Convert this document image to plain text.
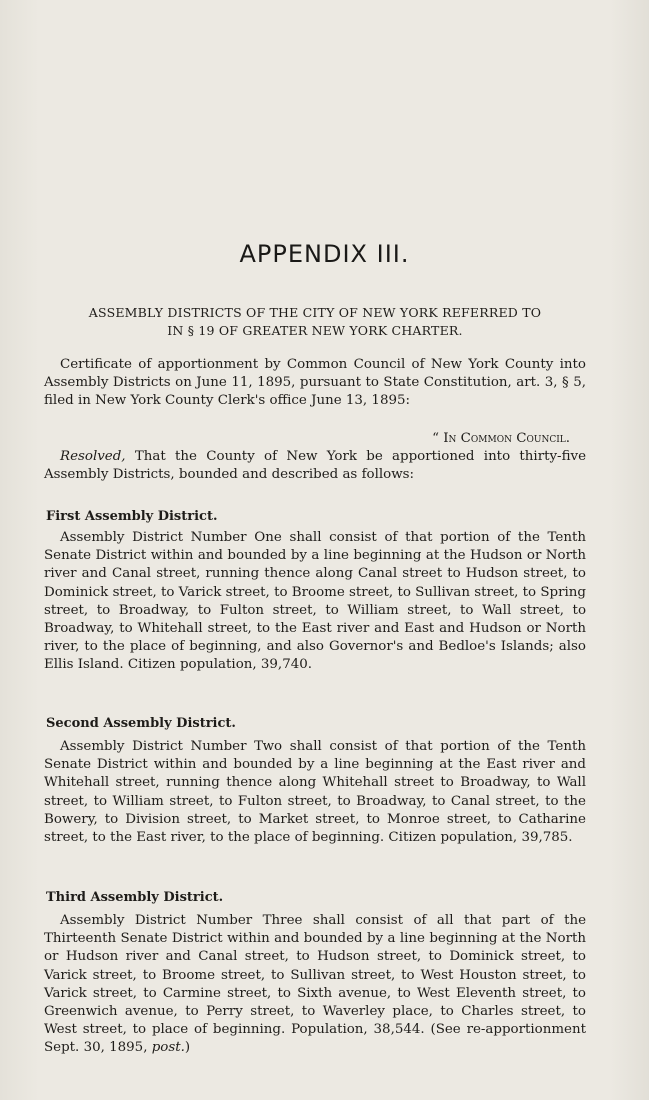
APPENDIX III.
ASSEMBLY DISTRICTS OF THE CITY OF NEW YORK REFERRED TO
IN § 19 OF GREATER NEW YORK CHARTER.
Certificate of apportionment by Common Council of New York County into Assembly Districts on June 11, 1895, pursuant to State Constitution, art. 3, § 5, filed in New York County Clerk's office June 13, 1895:
“ In Common Council.
Resolved, That the County of New York be apportioned into thirty-five Assembly Districts, bounded and described as follows:
First Assembly District.
Assembly District Number One shall consist of that portion of the Tenth Senate District within and bounded by a line beginning at the Hudson or North river and Canal street, running thence along Canal street to Hudson street, to Dominick street, to Varick street, to Broome street, to Sullivan street, to Spring street, to Broadway, to Fulton street, to William street, to Wall street, to Broadway, to Whitehall street, to the East river and East and Hudson or North river, to the place of beginning, and also Governor's and Bedloe's Islands; also Ellis Island. Citizen population, 39,740.
Second Assembly District.
Assembly District Number Two shall consist of that portion of the Tenth Senate District within and bounded by a line beginning at the East river and Whitehall street, running thence along Whitehall street to Broadway, to Wall street, to William street, to Fulton street, to Broadway, to Canal street, to the Bowery, to Division street, to Market street, to Monroe street, to Catharine street, to the East river, to the place of beginning. Citizen population, 39,785.
Third Assembly District.
Assembly District Number Three shall consist of all that part of the Thirteenth Senate District within and bounded by a line beginning at the North or Hudson river and Canal street, to Hudson street, to Dominick street, to Varick street, to Broome street, to Sullivan street, to West Houston street, to Varick street, to Carmine street, to Sixth avenue, to West Eleventh street, to Greenwich avenue, to Perry street, to Waverley place, to Charles street, to West street, to place of beginning. Population, 38,544. (See re-apportionment Sept. 30, 1895, post.)
